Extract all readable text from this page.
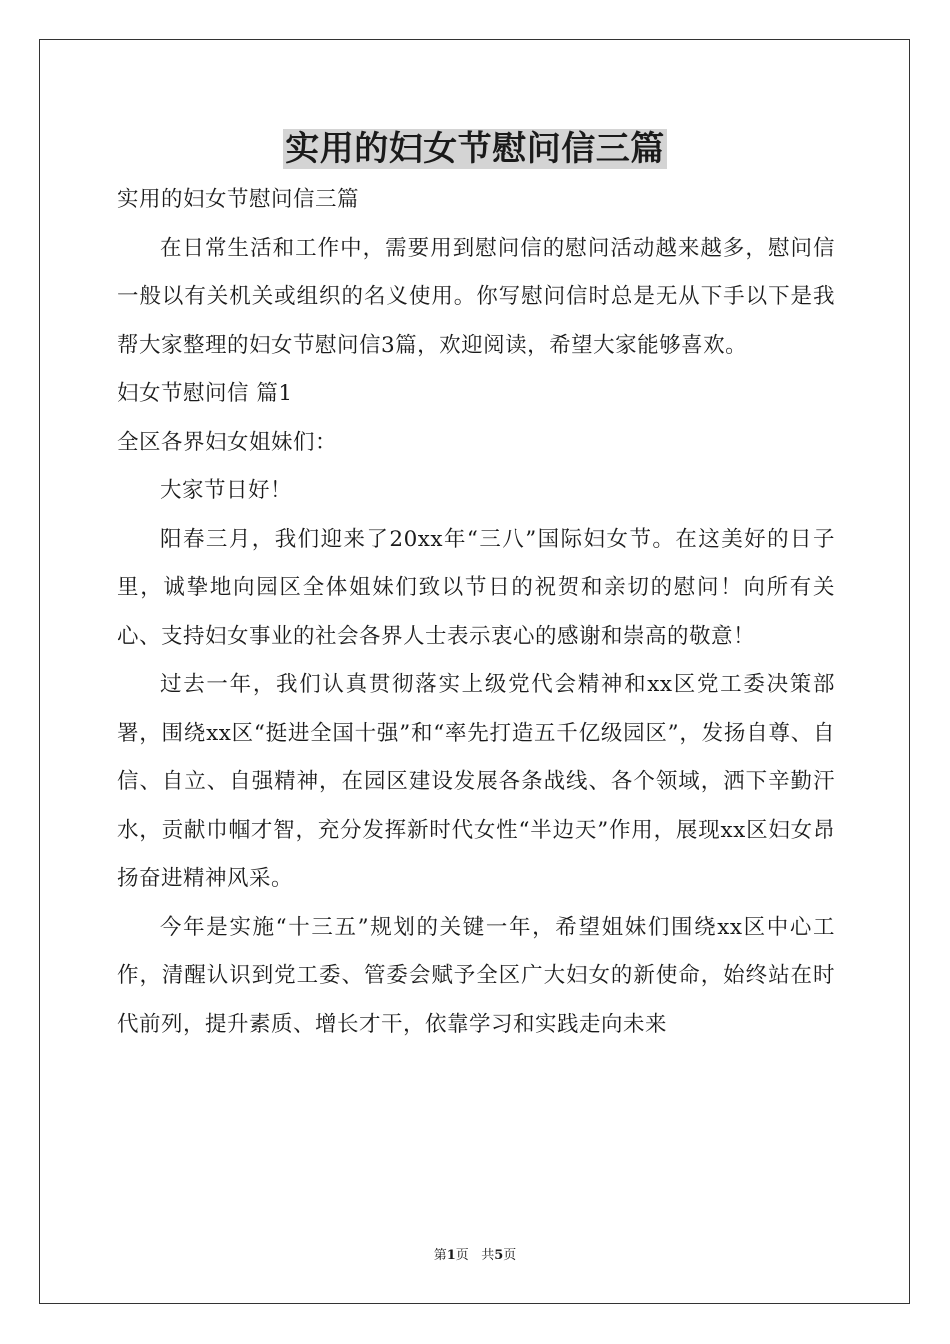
实用的妇女节慰问信三篇

实用的妇女节慰问信三篇

在日常生活和工作中，需要用到慰问信的慰问活动越来越多，慰问信一般以有关机关或组织的名义使用。你写慰问信时总是无从下手以下是我帮大家整理的妇女节慰问信3篇，欢迎阅读，希望大家能够喜欢。

妇女节慰问信 篇1

全区各界妇女姐妹们：

大家节日好！

阳春三月，我们迎来了20xx年“三八”国际妇女节。在这美好的日子里，诚挚地向园区全体姐妹们致以节日的祝贺和亲切的慰问！向所有关心、支持妇女事业的社会各界人士表示衷心的感谢和崇高的敬意！

过去一年，我们认真贯彻落实上级党代会精神和xx区党工委决策部署，围绕xx区“挺进全国十强”和“率先打造五千亿级园区”，发扬自尊、自信、自立、自强精神，在园区建设发展各条战线、各个领域，洒下辛勤汗水，贡献巾帼才智，充分发挥新时代女性“半边天”作用，展现xx区妇女昂扬奋进精神风采。

今年是实施“十三五”规划的关键一年，希望姐妹们围绕xx区中心工作，清醒认识到党工委、管委会赋予全区广大妇女的新使命，始终站在时代前列，提升素质、增长才干，依靠学习和实践走向未来

第1页 共5页
